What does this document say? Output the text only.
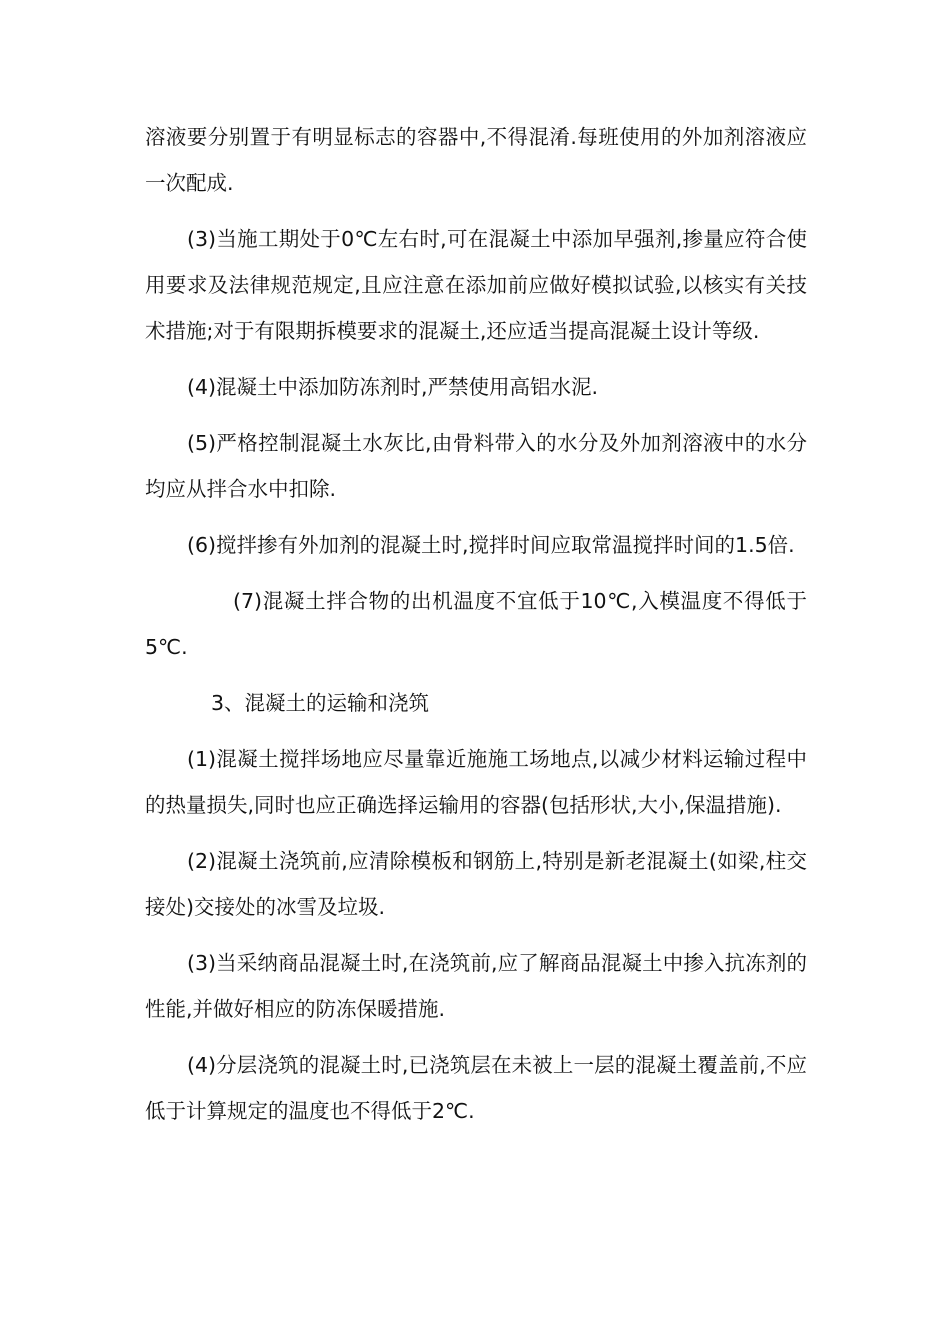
溶液要分别置于有明显标志的容器中,不得混淆.每班使用的外加剂溶液应一次配成.

(3)当施工期处于0℃左右时,可在混凝土中添加早强剂,掺量应符合使用要求及法律规范规定,且应注意在添加前应做好模拟试验,以核实有关技术措施;对于有限期拆模要求的混凝土,还应适当提高混凝土设计等级.

(4)混凝土中添加防冻剂时,严禁使用高铝水泥.

(5)严格控制混凝土水灰比,由骨料带入的水分及外加剂溶液中的水分均应从拌合水中扣除.

(6)搅拌掺有外加剂的混凝土时,搅拌时间应取常温搅拌时间的1.5倍.

(7)混凝土拌合物的出机温度不宜低于10℃,入模温度不得低于5℃.

3、混凝土的运输和浇筑

(1)混凝土搅拌场地应尽量靠近施施工场地点,以减少材料运输过程中的热量损失,同时也应正确选择运输用的容器(包括形状,大小,保温措施).

(2)混凝土浇筑前,应清除模板和钢筋上,特别是新老混凝土(如梁,柱交接处)交接处的冰雪及垃圾.

(3)当采纳商品混凝土时,在浇筑前,应了解商品混凝土中掺入抗冻剂的性能,并做好相应的防冻保暖措施.

(4)分层浇筑的混凝土时,已浇筑层在未被上一层的混凝土覆盖前,不应低于计算规定的温度也不得低于2℃.
